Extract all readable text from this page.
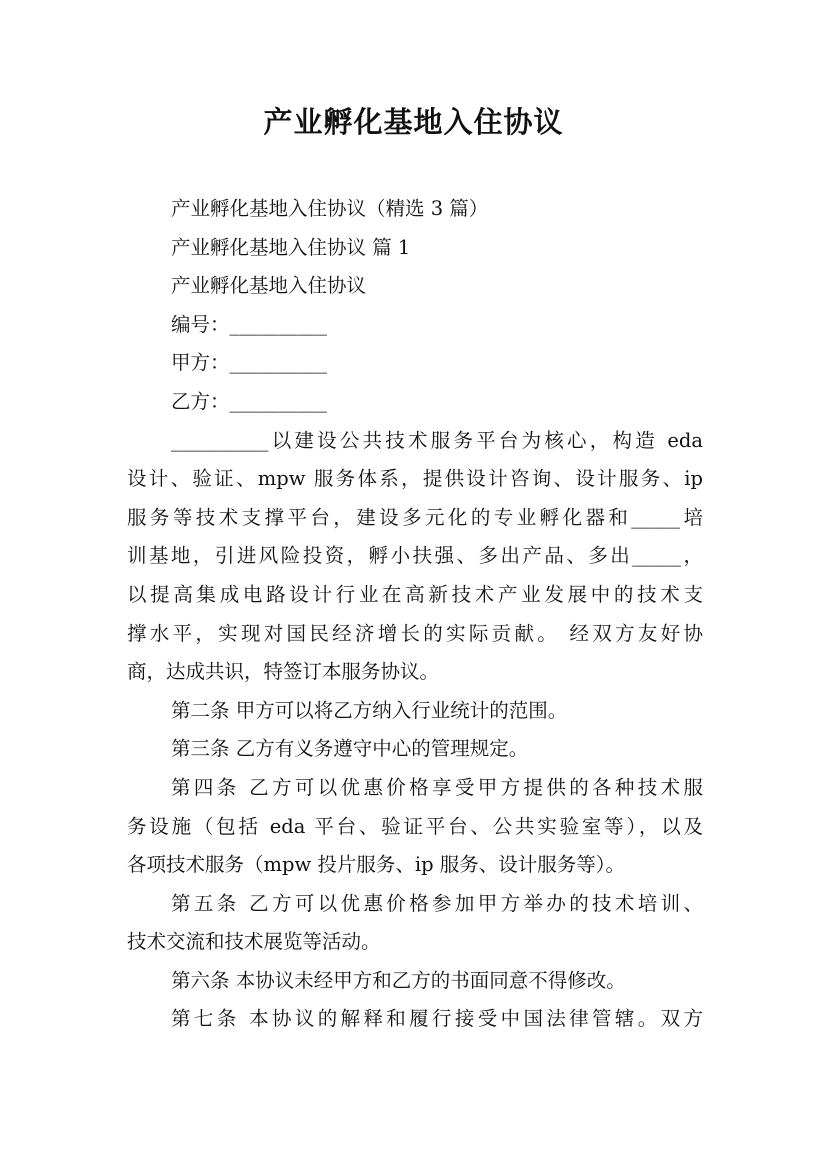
产业孵化基地入住协议
产业孵化基地入住协议（精选 3 篇）
产业孵化基地入住协议 篇 1
产业孵化基地入住协议
编号：__________
甲方：__________
乙方：__________
__________以建设公共技术服务平台为核心，构造 eda
设计、验证、mpw 服务体系，提供设计咨询、设计服务、ip
服务等技术支撑平台，建设多元化的专业孵化器和_____培
训基地，引进风险投资，孵小扶强、多出产品、多出_____，
以提高集成电路设计行业在高新技术产业发展中的技术支
撑水平，实现对国民经济增长的实际贡献。 经双方友好协
商，达成共识，特签订本服务协议。
第二条 甲方可以将乙方纳入行业统计的范围。
第三条 乙方有义务遵守中心的管理规定。
第四条 乙方可以优惠价格享受甲方提供的各种技术服
务设施（包括 eda 平台、验证平台、公共实验室等），以及
各项技术服务（mpw 投片服务、ip 服务、设计服务等）。
第五条 乙方可以优惠价格参加甲方举办的技术培训、
技术交流和技术展览等活动。
第六条 本协议未经甲方和乙方的书面同意不得修改。
第七条 本协议的解释和履行接受中国法律管辖。双方
